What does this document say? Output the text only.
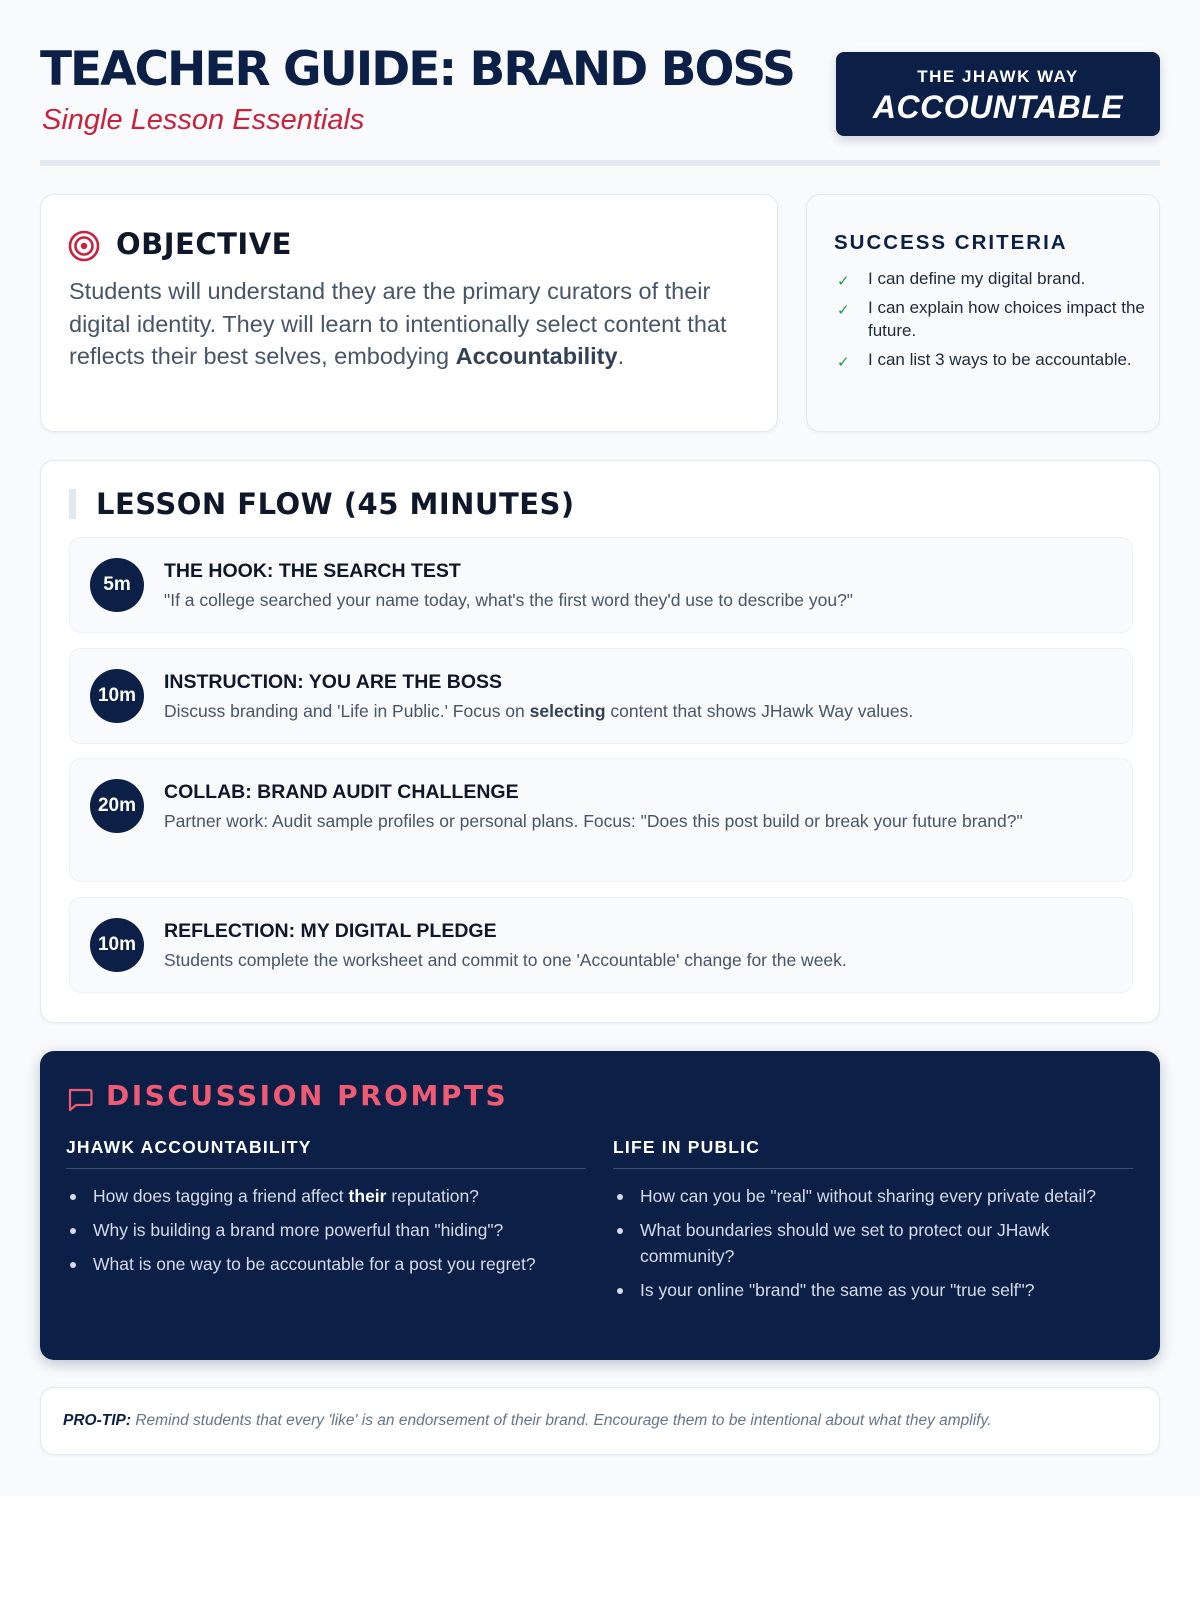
TEACHER GUIDE: BRAND BOSS
Single Lesson Essentials
THE JHAWK WAY
ACCOUNTABLE
OBJECTIVE

Students will understand they are the primary curators of their digital identity. They will learn to intentionally select content that reflects their best selves, embodying Accountability.

SUCCESS CRITERIA
✓ I can define my digital brand.
✓ I can explain how choices impact the future.
✓ I can list 3 ways to be accountable.
LESSON FLOW (45 MINUTES)
5m
THE HOOK: THE SEARCH TEST
"If a college searched your name today, what's the first word they'd use to describe you?"
10m
INSTRUCTION: YOU ARE THE BOSS
Discuss branding and 'Life in Public.' Focus on selecting content that shows JHawk Way values.
20m
COLLAB: BRAND AUDIT CHALLENGE
Partner work: Audit sample profiles or personal plans. Focus: "Does this post build or break your future brand?"
10m
REFLECTION: MY DIGITAL PLEDGE
Students complete the worksheet and commit to one 'Accountable' change for the week.
DISCUSSION PROMPTS
JHAWK ACCOUNTABILITY
How does tagging a friend affect their reputation?
Why is building a brand more powerful than "hiding"?
What is one way to be accountable for a post you regret?
LIFE IN PUBLIC
How can you be "real" without sharing every private detail?
What boundaries should we set to protect our JHawk community?
Is your online "brand" the same as your "true self"?
PRO-TIP: Remind students that every 'like' is an endorsement of their brand. Encourage them to be intentional about what they amplify.
